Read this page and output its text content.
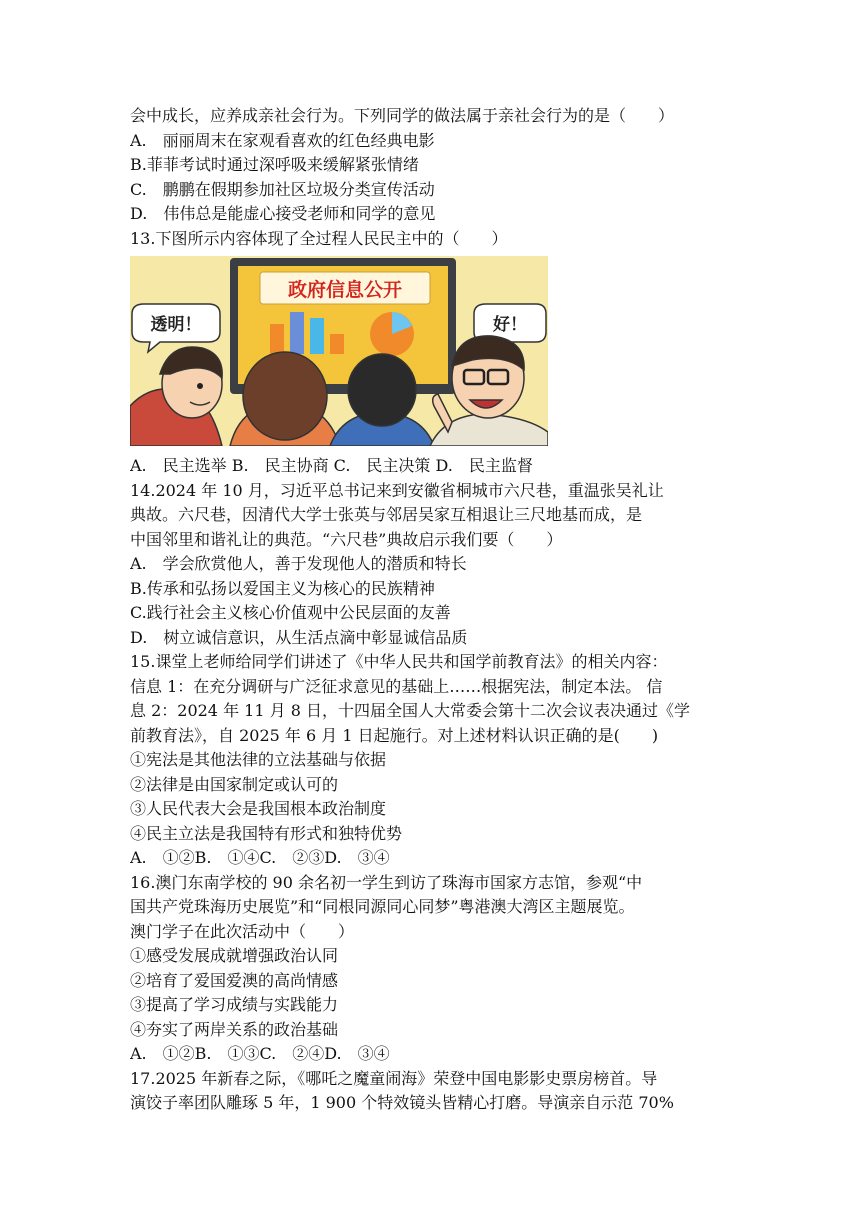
会中成长，应养成亲社会行为。下列同学的做法属于亲社会行为的是（　　）
A.　丽丽周末在家观看喜欢的红色经典电影
B.菲菲考试时通过深呼吸来缓解紧张情绪
C.　鹏鹏在假期参加社区垃圾分类宣传活动
D.　伟伟总是能虚心接受老师和同学的意见
13.下图所示内容体现了全过程人民民主中的（　　）
政府信息公开
透明！	好！
A.　民主选举 B.　民主协商 C.　民主决策 D.　民主监督
14.2024 年 10 月，习近平总书记来到安徽省桐城市六尺巷，重温张吴礼让
典故。六尺巷，因清代大学士张英与邻居吴家互相退让三尺地基而成，是
中国邻里和谐礼让的典范。“六尺巷”典故启示我们要（　　）
A.　学会欣赏他人，善于发现他人的潜质和特长
B.传承和弘扬以爱国主义为核心的民族精神
C.践行社会主义核心价值观中公民层面的友善
D.　树立诚信意识，从生活点滴中彰显诚信品质
15.课堂上老师给同学们讲述了《中华人民共和国学前教育法》的相关内容：
信息 1：在充分调研与广泛征求意见的基础上……根据宪法，制定本法。 信
息 2：2024 年 11 月 8 日，十四届全国人大常委会第十二次会议表决通过《学
前教育法》，自 2025 年 6 月 1 日起施行。对上述材料认识正确的是(　　)
①宪法是其他法律的立法基础与依据
②法律是由国家制定或认可的
③人民代表大会是我国根本政治制度
④民主立法是我国特有形式和独特优势
A.　①②B.　①④C.　②③D.　③④
16.澳门东南学校的 90 余名初一学生到访了珠海市国家方志馆，参观“中
国共产党珠海历史展览”和“同根同源同心同梦”粤港澳大湾区主题展览。
澳门学子在此次活动中（　　）
①感受发展成就增强政治认同
②培育了爱国爱澳的高尚情感
③提高了学习成绩与实践能力
④夯实了两岸关系的政治基础
A.　①②B.　①③C.　②④D.　③④
17.2025 年新春之际，《哪吒之魔童闹海》荣登中国电影影史票房榜首。导
演饺子率团队雕琢 5 年，1 900 个特效镜头皆精心打磨。导演亲自示范 70%
